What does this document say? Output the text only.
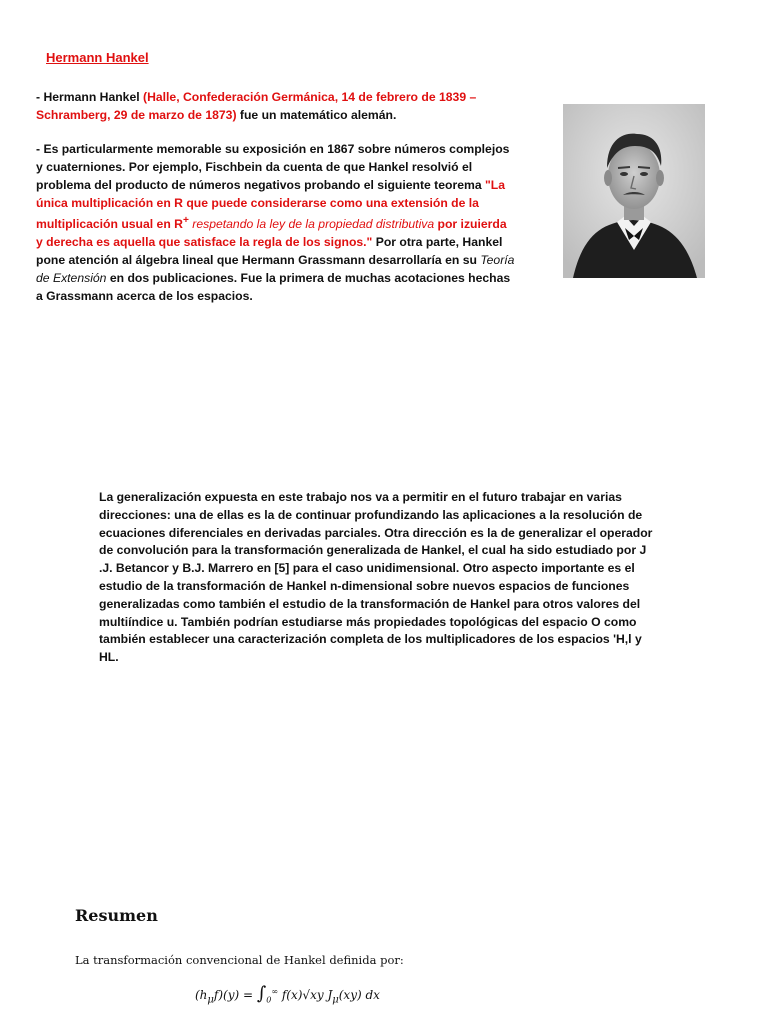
Hermann Hankel

- Hermann Hankel (Halle, Confederación Germánica, 14 de febrero de 1839 – Schramberg, 29 de marzo de 1873) fue un matemático alemán.

- Es particularmente memorable su exposición en 1867 sobre números complejos y cuaterniones. Por ejemplo, Fischbein da cuenta de que Hankel resolvió el problema del producto de números negativos probando el siguiente teorema "La única multiplicación en R que puede considerarse como una extensión de la multiplicación usual en R+ respetando la ley de la propiedad distributiva por izuierda y derecha es aquella que satisface la regla de los signos." Por otra parte, Hankel pone atención al álgebra lineal que Hermann Grassmann desarrollaría en su Teoría de Extensión en dos publicaciones. Fue la primera de muchas acotaciones hechas a Grassmann acerca de los espacios.

La generalización expuesta en este trabajo nos va a permitir en el futuro trabajar en varias direcciones: una de ellas es la de continuar profundizando las aplicaciones a la resolución de ecuaciones diferenciales en derivadas parciales. Otra dirección es la de generalizar el operador de convolución para la transformación generalizada de Hankel, el cual ha sido estudiado por J .J. Betancor y B.J. Marrero en [5] para el caso unidimensional. Otro aspecto importante es el estudio de la transformación de Hankel n-dimensional sobre nuevos espacios de funciones generalizadas como también el estudio de la transformación de Hankel para otros valores del multiíndice u. También podrían estudiarse más propiedades topológicas del espacio O como también establecer una caracterización completa de los multiplicadores de los espacios 'H,l y HL.

Resumen
La transformación convencional de Hankel definida por:
$(h_\mu f)(y) = \int_0^\infty$ f(x)√xy $J_\mu(xy)$ dx
